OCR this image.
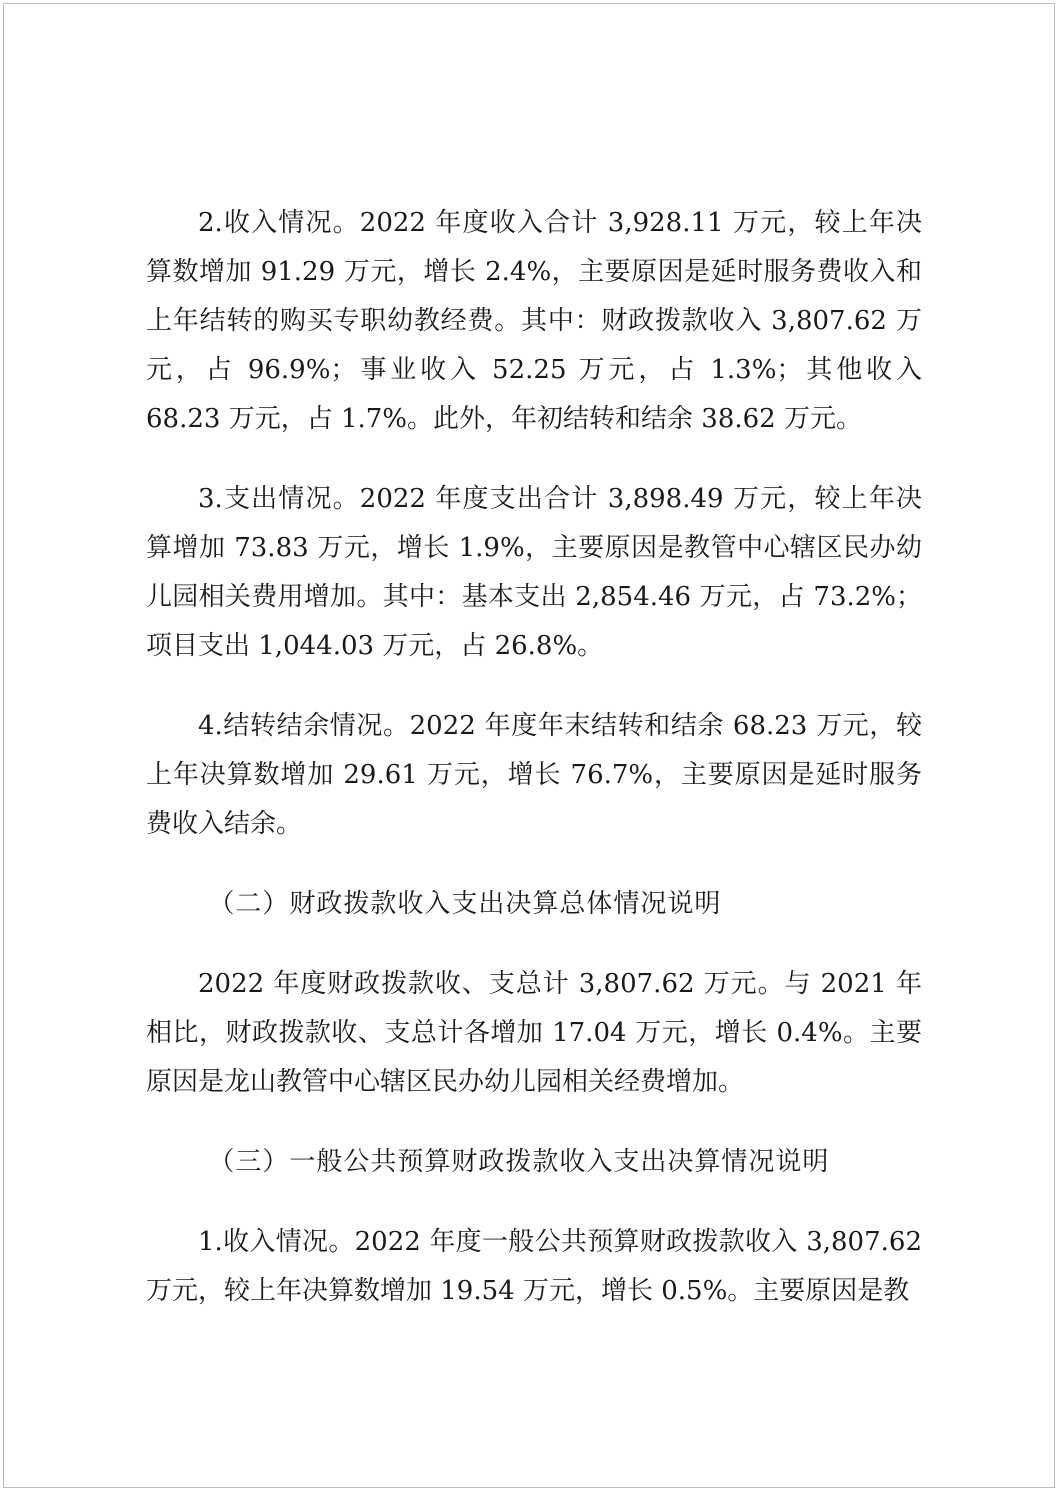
2.收入情况。2022 年度收入合计 3,928.11 万元，较上年决算数增加 91.29 万元，增长 2.4%，主要原因是延时服务费收入和上年结转的购买专职幼教经费。其中：财政拨款收入 3,807.62 万元，占 96.9%；事业收入 52.25 万元，占 1.3%；其他收入 68.23 万元，占 1.7%。此外，年初结转和结余 38.62 万元。

3.支出情况。2022 年度支出合计 3,898.49 万元，较上年决算增加 73.83 万元，增长 1.9%，主要原因是教管中心辖区民办幼儿园相关费用增加。其中：基本支出 2,854.46 万元，占 73.2%；项目支出 1,044.03 万元，占 26.8%。

4.结转结余情况。2022 年度年末结转和结余 68.23 万元，较上年决算数增加 29.61 万元，增长 76.7%，主要原因是延时服务费收入结余。

（二）财政拨款收入支出决算总体情况说明

2022 年度财政拨款收、支总计 3,807.62 万元。与 2021 年相比，财政拨款收、支总计各增加 17.04 万元，增长 0.4%。主要原因是龙山教管中心辖区民办幼儿园相关经费增加。

（三）一般公共预算财政拨款收入支出决算情况说明

1.收入情况。2022 年度一般公共预算财政拨款收入 3,807.62 万元，较上年决算数增加 19.54 万元，增长 0.5%。主要原因是教
